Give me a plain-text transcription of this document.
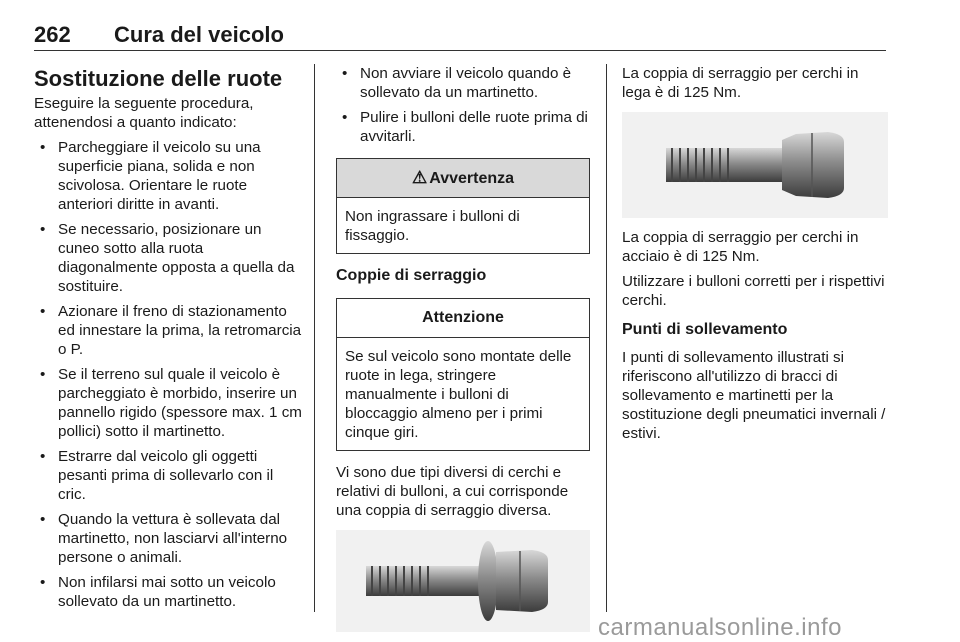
262 Cura del veicolo
Sostituzione delle ruote

Eseguire la seguente procedura, attenendosi a quanto indicato:

• Parcheggiare il veicolo su una superficie piana, solida e non scivolosa. Orientare le ruote anteriori diritte in avanti.
• Se necessario, posizionare un cuneo sotto alla ruota diagonalmente opposta a quella da sostituire.
• Azionare il freno di stazionamento ed innestare la prima, la retromarcia o P.
• Se il terreno sul quale il veicolo è parcheggiato è morbido, inserire un pannello rigido (spessore max. 1 cm pollici) sotto il martinetto.
• Estrarre dal veicolo gli oggetti pesanti prima di sollevarlo con il cric.
• Quando la vettura è sollevata dal martinetto, non lasciarvi all'interno persone o animali.
• Non infilarsi mai sotto un veicolo sollevato da un martinetto.
• Non avviare il veicolo quando è sollevato da un martinetto.
• Pulire i bulloni delle ruote prima di avvitarli.
⚠ Avvertenza
Non ingrassare i bulloni di fissaggio.
Coppie di serraggio
Attenzione
Se sul veicolo sono montate delle ruote in lega, stringere manualmente i bulloni di bloccaggio almeno per i primi cinque giri.

Vi sono due tipi diversi di cerchi e relativi di bulloni, a cui corrisponde una coppia di serraggio diversa.

La coppia di serraggio per cerchi in lega è di 125 Nm.

La coppia di serraggio per cerchi in acciaio è di 125 Nm.

Utilizzare i bulloni corretti per i rispettivi cerchi.

Punti di sollevamento

I punti di sollevamento illustrati si riferiscono all'utilizzo di bracci di sollevamento e martinetti per la sostituzione degli pneumatici invernali / estivi.

carmanualsonline.info
